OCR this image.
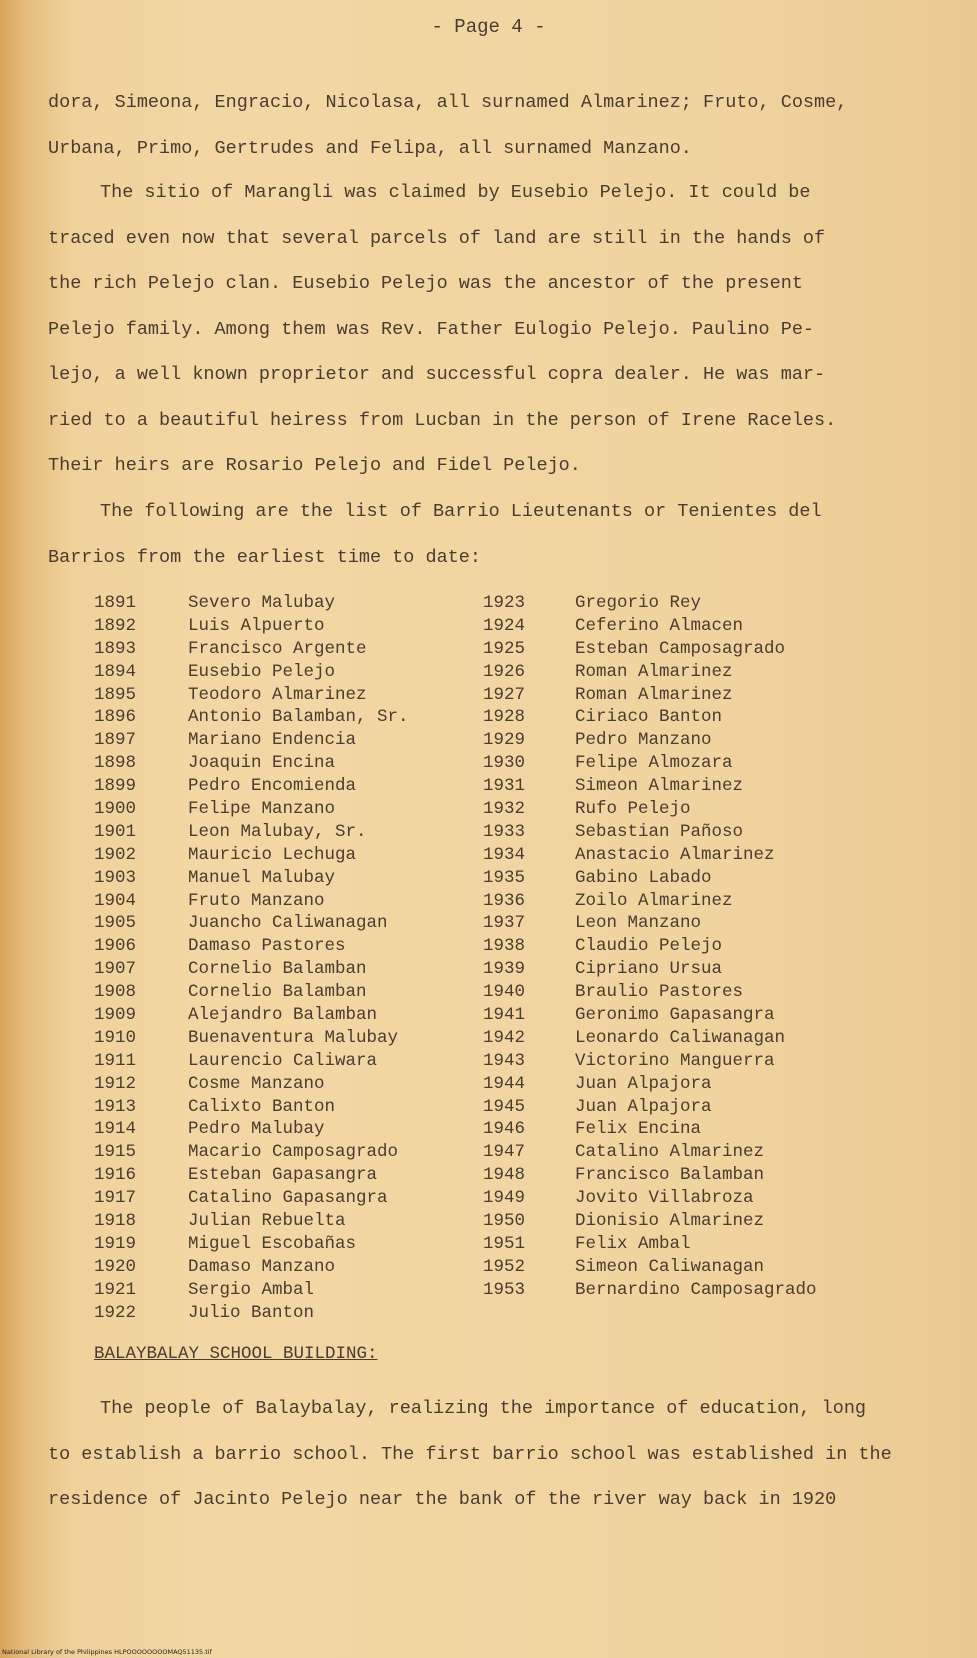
- Page 4 -
dora, Simeona, Engracio, Nicolasa, all surnamed Almarinez; Fruto, Cosme,
Urbana, Primo, Gertrudes and Felipa, all surnamed Manzano.
The sitio of Marangli was claimed by Eusebio Pelejo. It could be
traced even now that several parcels of land are still in the hands of
the rich Pelejo clan. Eusebio Pelejo was the ancestor of the present
Pelejo family. Among them was Rev. Father Eulogio Pelejo. Paulino Pe-
lejo, a well known proprietor and successful copra dealer. He was mar-
ried to a beautiful heiress from Lucban in the person of Irene Raceles.
Their heirs are Rosario Pelejo and Fidel Pelejo.
The following are the list of Barrio Lieutenants or Tenientes del
Barrios from the earliest time to date:
1891	Severo Malubay	1923	Gregorio Rey
1892	Luis Alpuerto	1924	Ceferino Almacen
1893	Francisco Argente	1925	Esteban Camposagrado
1894	Eusebio Pelejo	1926	Roman Almarinez
1895	Teodoro Almarinez	1927	Roman Almarinez
1896	Antonio Balamban, Sr.	1928	Ciriaco Banton
1897	Mariano Endencia	1929	Pedro Manzano
1898	Joaquin Encina	1930	Felipe Almozara
1899	Pedro Encomienda	1931	Simeon Almarinez
1900	Felipe Manzano	1932	Rufo Pelejo
1901	Leon Malubay, Sr.	1933	Sebastian Pañoso
1902	Mauricio Lechuga	1934	Anastacio Almarinez
1903	Manuel Malubay	1935	Gabino Labado
1904	Fruto Manzano	1936	Zoilo Almarinez
1905	Juancho Caliwanagan	1937	Leon Manzano
1906	Damaso Pastores	1938	Claudio Pelejo
1907	Cornelio Balamban	1939	Cipriano Ursua
1908	Cornelio Balamban	1940	Braulio Pastores
1909	Alejandro Balamban	1941	Geronimo Gapasangra
1910	Buenaventura Malubay	1942	Leonardo Caliwanagan
1911	Laurencio Caliwara	1943	Victorino Manguerra
1912	Cosme Manzano	1944	Juan Alpajora
1913	Calixto Banton	1945	Juan Alpajora
1914	Pedro Malubay	1946	Felix Encina
1915	Macario Camposagrado	1947	Catalino Almarinez
1916	Esteban Gapasangra	1948	Francisco Balamban
1917	Catalino Gapasangra	1949	Jovito Villabroza
1918	Julian Rebuelta	1950	Dionisio Almarinez
1919	Miguel Escobañas	1951	Felix Ambal
1920	Damaso Manzano	1952	Simeon Caliwanagan
1921	Sergio Ambal	1953	Bernardino Camposagrado
1922	Julio Banton
BALAYBALAY SCHOOL BUILDING:
The people of Balaybalay, realizing the importance of education, long
to establish a barrio school. The first barrio school was established in the
residence of Jacinto Pelejo near the bank of the river way back in 1920
National Library of the Philippines HLPOOOOOOOOMAQ51135.tif
